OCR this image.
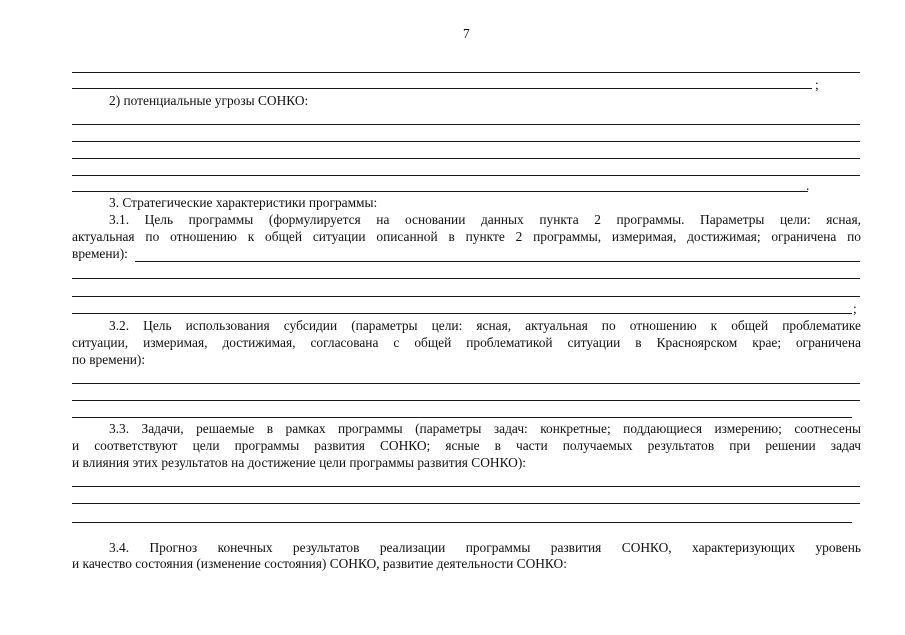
7
;
2) потенциальные угрозы СОНКО:
.
3. Стратегические характеристики программы:
3.1. Цель программы (формулируется на основании данных пункта 2 программы. Параметры цели: ясная,
актуальная по отношению к общей ситуации описанной в пункте 2 программы, измеримая, достижимая; ограничена по
времени):
;
3.2. Цель использования субсидии (параметры цели: ясная, актуальная по отношению к общей проблематике
ситуации, измеримая, достижимая, согласована с общей проблематикой ситуации в Красноярском крае; ограничена
по времени):
3.3. Задачи, решаемые в рамках программы (параметры задач: конкретные; поддающиеся измерению; соотнесены
и соответствуют цели программы развития СОНКО; ясные в части получаемых результатов при решении задач
и влияния этих результатов на достижение цели программы развития СОНКО):
3.4. Прогноз конечных результатов реализации программы развития СОНКО, характеризующих уровень
и качество состояния (изменение состояния) СОНКО, развитие деятельности СОНКО:
